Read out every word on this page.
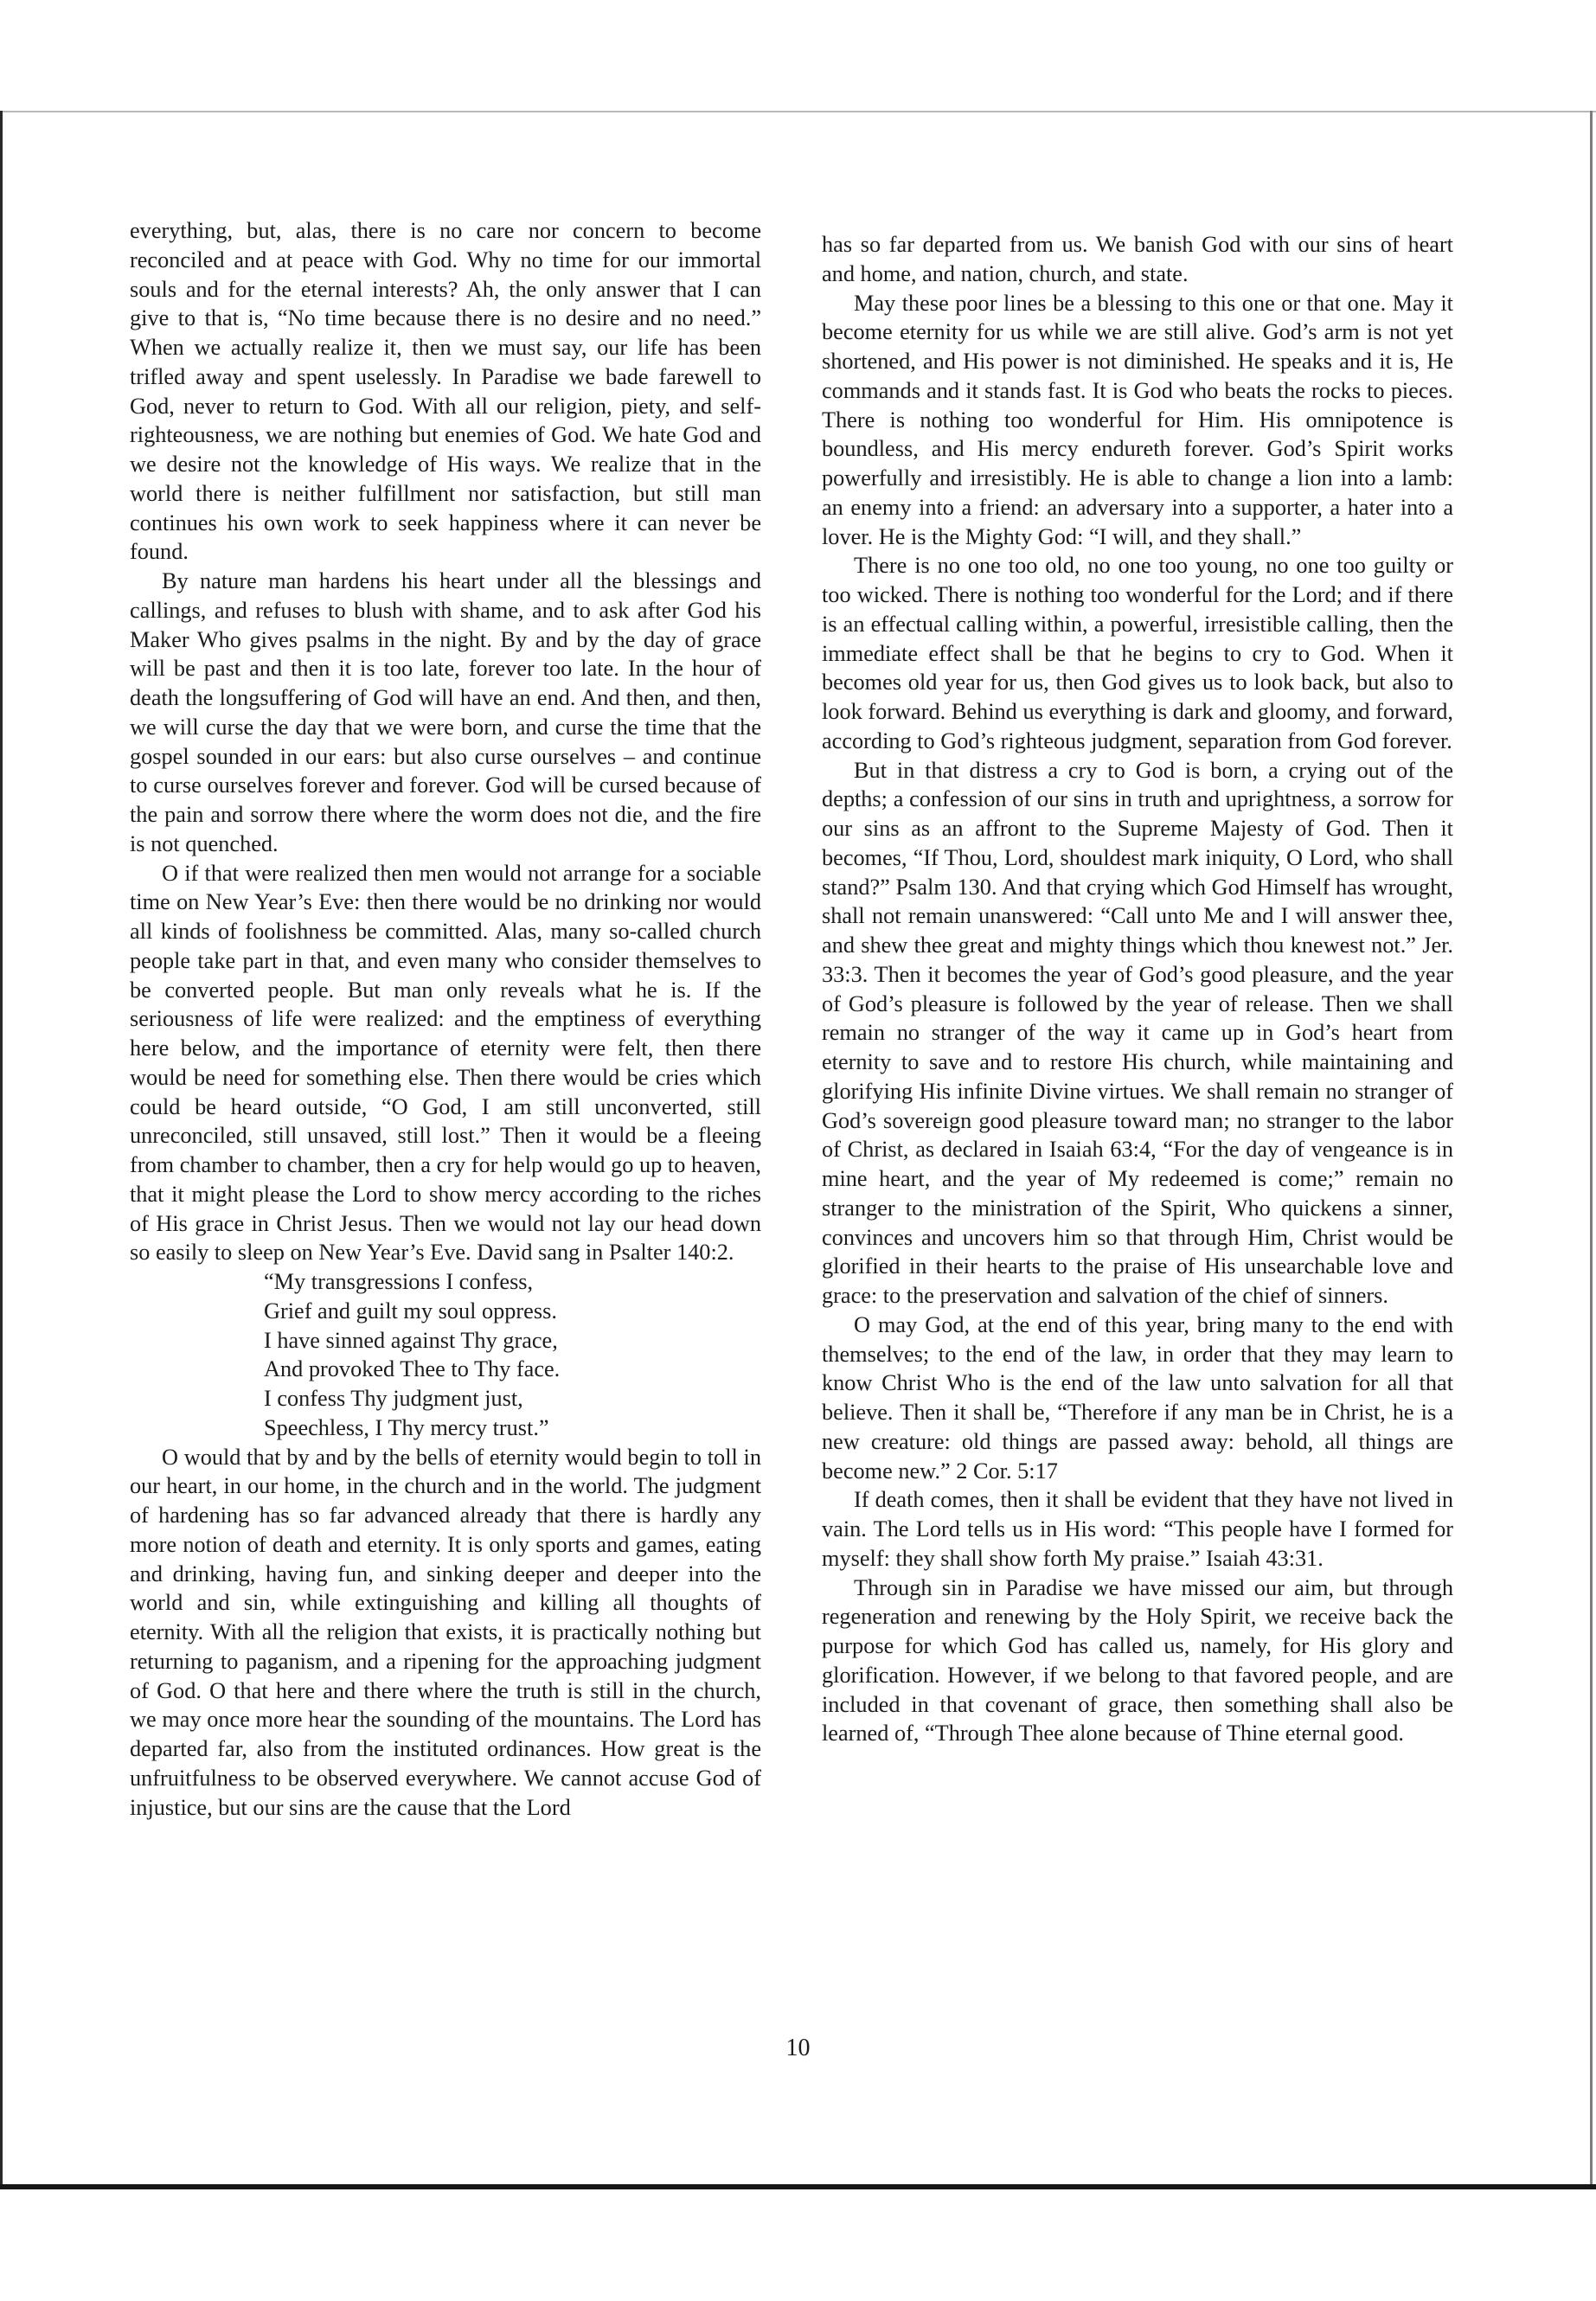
everything, but, alas, there is no care nor concern to become reconciled and at peace with God. Why no time for our immortal souls and for the eternal interests? Ah, the only answer that I can give to that is, “No time because there is no desire and no need.” When we actually realize it, then we must say, our life has been trifled away and spent uselessly. In Paradise we bade farewell to God, never to return to God. With all our religion, piety, and self-righteousness, we are nothing but enemies of God. We hate God and we desire not the knowledge of His ways. We realize that in the world there is neither fulfillment nor satisfaction, but still man continues his own work to seek happiness where it can never be found.

By nature man hardens his heart under all the blessings and callings, and refuses to blush with shame, and to ask after God his Maker Who gives psalms in the night. By and by the day of grace will be past and then it is too late, forever too late. In the hour of death the longsuffering of God will have an end. And then, and then, we will curse the day that we were born, and curse the time that the gospel sounded in our ears: but also curse ourselves – and continue to curse ourselves forever and forever. God will be cursed because of the pain and sorrow there where the worm does not die, and the fire is not quenched.

O if that were realized then men would not arrange for a sociable time on New Year’s Eve: then there would be no drinking nor would all kinds of foolishness be committed. Alas, many so-called church people take part in that, and even many who consider themselves to be converted people. But man only reveals what he is. If the seriousness of life were realized: and the emptiness of everything here below, and the importance of eternity were felt, then there would be need for something else. Then there would be cries which could be heard outside, “O God, I am still unconverted, still unreconciled, still unsaved, still lost.” Then it would be a fleeing from chamber to chamber, then a cry for help would go up to heaven, that it might please the Lord to show mercy according to the riches of His grace in Christ Jesus. Then we would not lay our head down so easily to sleep on New Year’s Eve. David sang in Psalter 140:2.

“My transgressions I confess,
Grief and guilt my soul oppress.
I have sinned against Thy grace,
And provoked Thee to Thy face.
I confess Thy judgment just,
Speechless, I Thy mercy trust.”

O would that by and by the bells of eternity would begin to toll in our heart, in our home, in the church and in the world. The judgment of hardening has so far advanced already that there is hardly any more notion of death and eternity. It is only sports and games, eating and drinking, having fun, and sinking deeper and deeper into the world and sin, while extinguishing and killing all thoughts of eternity. With all the religion that exists, it is practically nothing but returning to paganism, and a ripening for the approaching judgment of God. O that here and there where the truth is still in the church, we may once more hear the sounding of the mountains. The Lord has departed far, also from the instituted ordinances. How great is the unfruitfulness to be observed everywhere. We cannot accuse God of injustice, but our sins are the cause that the Lord

has so far departed from us. We banish God with our sins of heart and home, and nation, church, and state.

May these poor lines be a blessing to this one or that one. May it become eternity for us while we are still alive. God’s arm is not yet shortened, and His power is not diminished. He speaks and it is, He commands and it stands fast. It is God who beats the rocks to pieces. There is nothing too wonderful for Him. His omnipotence is boundless, and His mercy endureth forever. God’s Spirit works powerfully and irresistibly. He is able to change a lion into a lamb: an enemy into a friend: an adversary into a supporter, a hater into a lover. He is the Mighty God: “I will, and they shall.”

There is no one too old, no one too young, no one too guilty or too wicked. There is nothing too wonderful for the Lord; and if there is an effectual calling within, a powerful, irresistible calling, then the immediate effect shall be that he begins to cry to God. When it becomes old year for us, then God gives us to look back, but also to look forward. Behind us everything is dark and gloomy, and forward, according to God’s righteous judgment, separation from God forever.

But in that distress a cry to God is born, a crying out of the depths; a confession of our sins in truth and uprightness, a sorrow for our sins as an affront to the Supreme Majesty of God. Then it becomes, “If Thou, Lord, shouldest mark iniquity, O Lord, who shall stand?” Psalm 130. And that crying which God Himself has wrought, shall not remain unanswered: “Call unto Me and I will answer thee, and shew thee great and mighty things which thou knewest not.” Jer. 33:3. Then it becomes the year of God’s good pleasure, and the year of God’s pleasure is followed by the year of release. Then we shall remain no stranger of the way it came up in God’s heart from eternity to save and to restore His church, while maintaining and glorifying His infinite Divine virtues. We shall remain no stranger of God’s sovereign good pleasure toward man; no stranger to the labor of Christ, as declared in Isaiah 63:4, “For the day of vengeance is in mine heart, and the year of My redeemed is come;” remain no stranger to the ministration of the Spirit, Who quickens a sinner, convinces and uncovers him so that through Him, Christ would be glorified in their hearts to the praise of His unsearchable love and grace: to the preservation and salvation of the chief of sinners.

O may God, at the end of this year, bring many to the end with themselves; to the end of the law, in order that they may learn to know Christ Who is the end of the law unto salvation for all that believe. Then it shall be, “Therefore if any man be in Christ, he is a new creature: old things are passed away: behold, all things are become new.” 2 Cor. 5:17

If death comes, then it shall be evident that they have not lived in vain. The Lord tells us in His word: “This people have I formed for myself: they shall show forth My praise.” Isaiah 43:31.

Through sin in Paradise we have missed our aim, but through regeneration and renewing by the Holy Spirit, we receive back the purpose for which God has called us, namely, for His glory and glorification. However, if we belong to that favored people, and are included in that covenant of grace, then something shall also be learned of, “Through Thee alone because of Thine eternal good.

10
